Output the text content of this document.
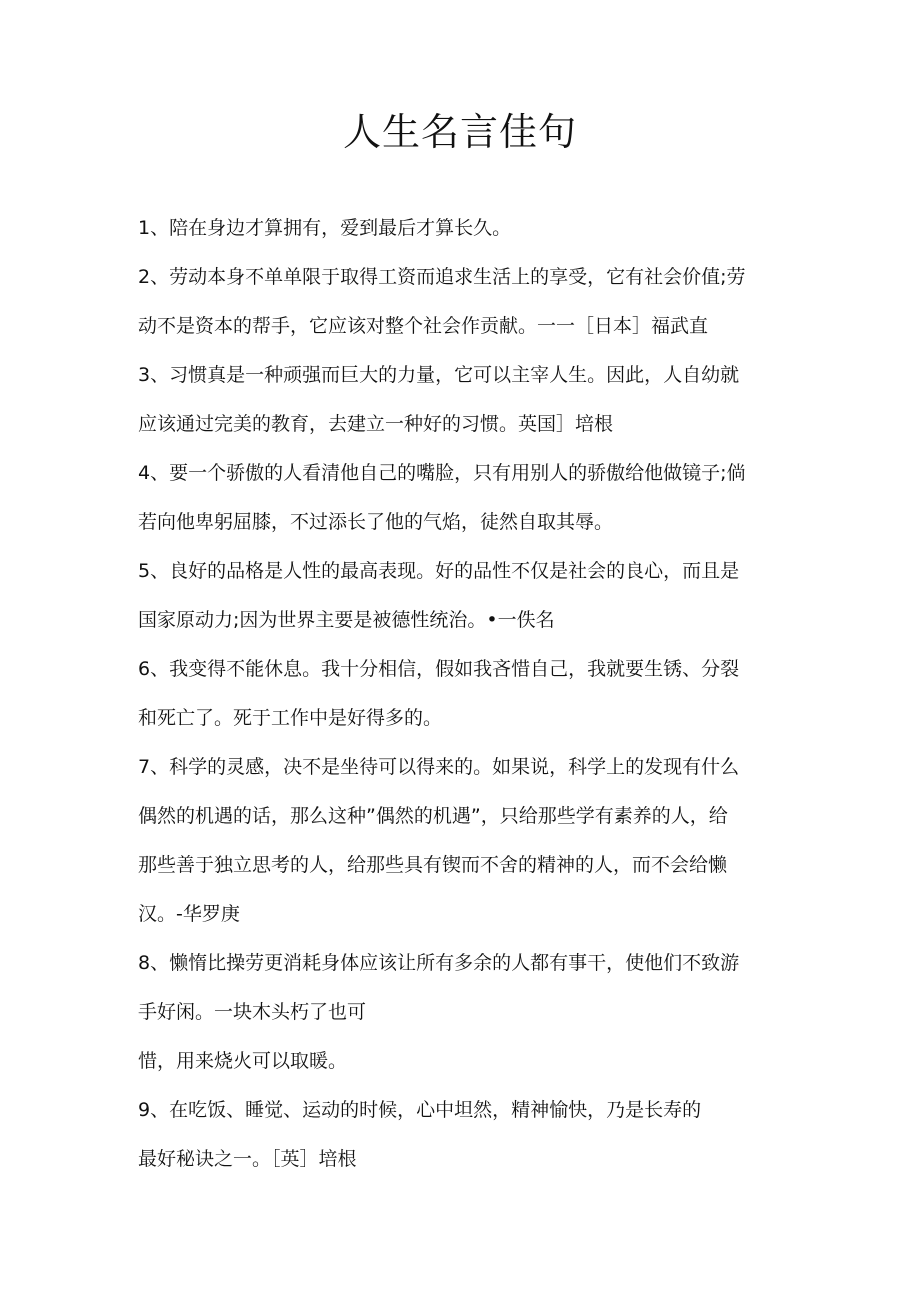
人生名言佳句
1、陪在身边才算拥有，爱到最后才算长久。
2、劳动本身不单单限于取得工资而追求生活上的享受，它有社会价值;劳
动不是资本的帮手，它应该对整个社会作贡献。一一［日本］福武直
3、习惯真是一种顽强而巨大的力量，它可以主宰人生。因此，人自幼就
应该通过完美的教育，去建立一种好的习惯。英国］培根
4、要一个骄傲的人看清他自己的嘴脸，只有用别人的骄傲给他做镜子;倘
若向他卑躬屈膝，不过添长了他的气焰，徒然自取其辱。
5、良好的品格是人性的最高表现。好的品性不仅是社会的良心，而且是
国家原动力;因为世界主要是被德性统治。•一佚名
6、我变得不能休息。我十分相信，假如我吝惜自己，我就要生锈、分裂
和死亡了。死于工作中是好得多的。
7、科学的灵感，决不是坐待可以得来的。如果说，科学上的发现有什么
偶然的机遇的话，那么这种”偶然的机遇”，只给那些学有素养的人，给
那些善于独立思考的人，给那些具有锲而不舍的精神的人，而不会给懒
汉。-华罗庚
8、懒惰比操劳更消耗身体应该让所有多余的人都有事干，使他们不致游
手好闲。一块木头朽了也可
惜，用来烧火可以取暖。
9、在吃饭、睡觉、运动的时候，心中坦然，精神愉快，乃是长寿的
最好秘诀之一。［英］培根
